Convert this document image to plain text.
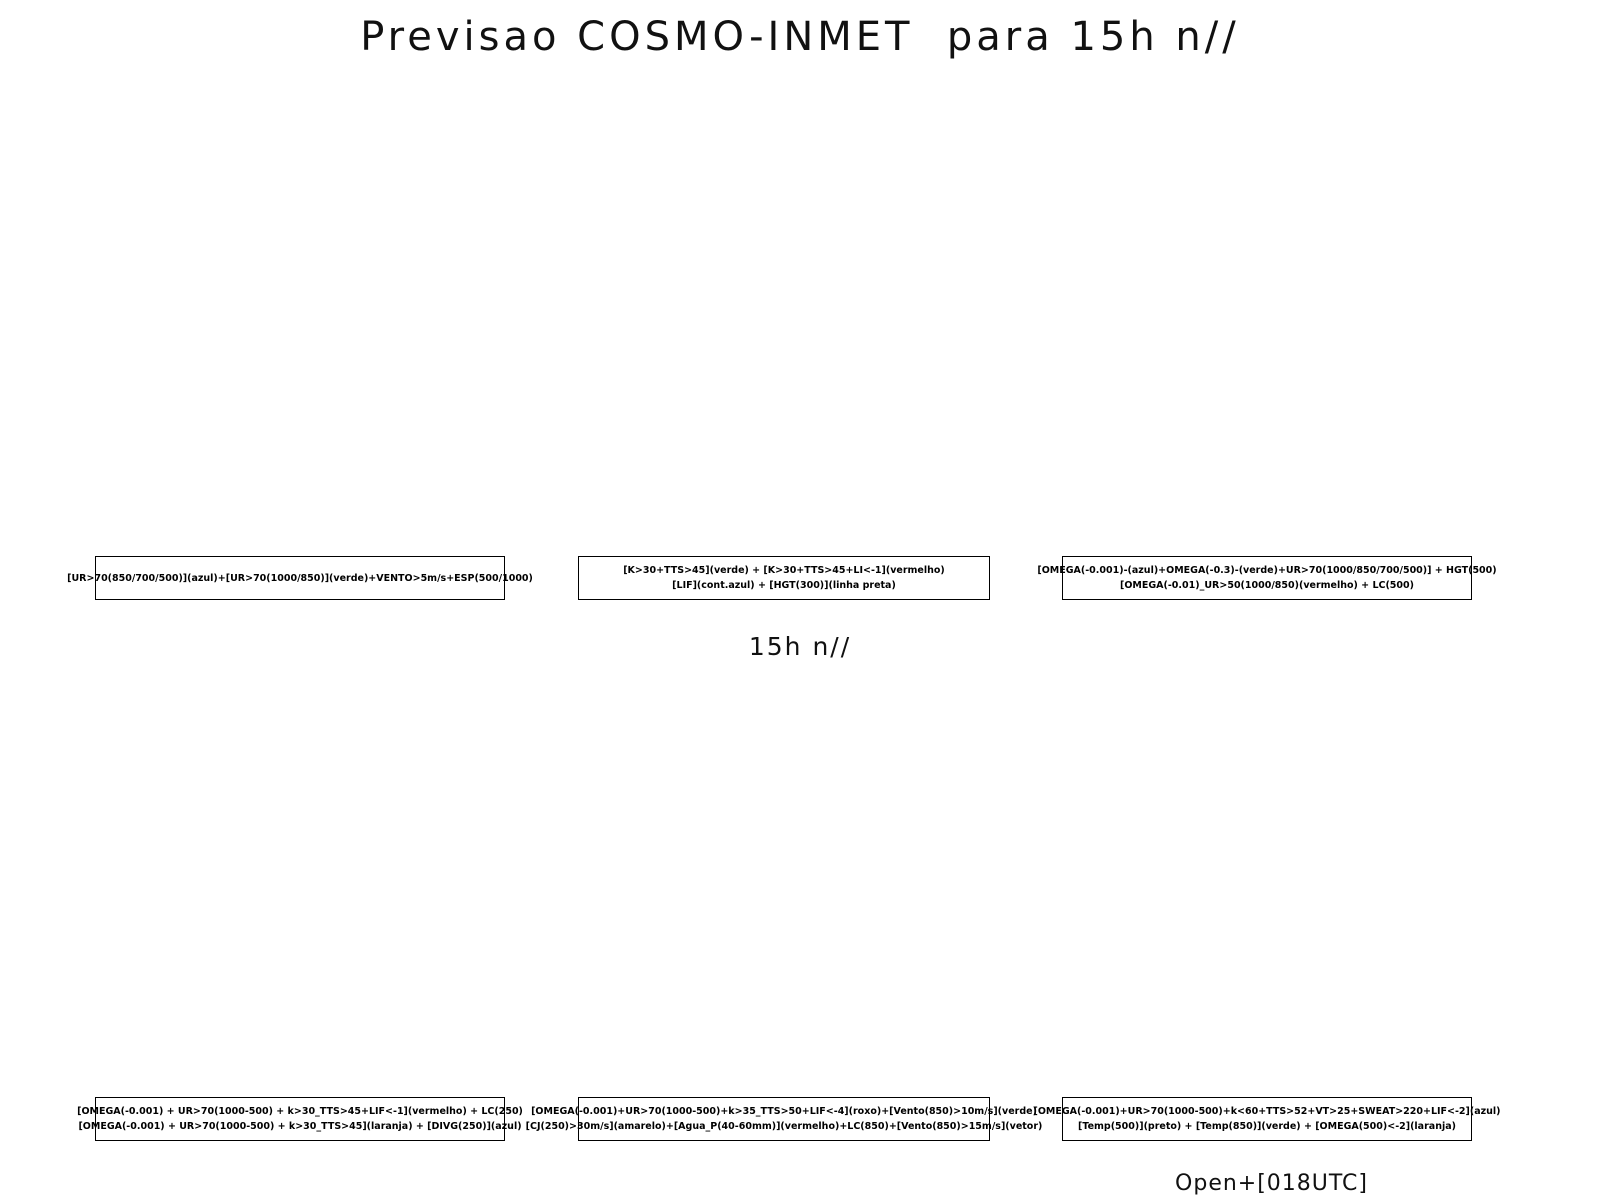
Previsao COSMO-INMET  para 15h n//
[UR>70(850/700/500)](azul)+[UR>70(1000/850)](verde)+VENTO>5m/s+ESP(500/1000)
[K>30+TTS>45](verde) + [K>30+TTS>45+LI<-1](vermelho)
[LIF](cont.azul) + [HGT(300)](linha preta)
[OMEGA(-0.001)-(azul)+OMEGA(-0.3)-(verde)+UR>70(1000/850/700/500)] + HGT(500)
[OMEGA(-0.01)_UR>50(1000/850)(vermelho) + LC(500)
15h n//
[OMEGA(-0.001) + UR>70(1000-500) + k>30_TTS>45+LIF<-1](vermelho) + LC(250)
[OMEGA(-0.001) + UR>70(1000-500) + k>30_TTS>45](laranja) + [DIVG(250)](azul)
[OMEGA(-0.001)+UR>70(1000-500)+k>35_TTS>50+LIF<-4](roxo)+[Vento(850)>10m/s](verde)
[CJ(250)>30m/s](amarelo)+[Agua_P(40-60mm)](vermelho)+LC(850)+[Vento(850)>15m/s](vetor)
[OMEGA(-0.001)+UR>70(1000-500)+k<60+TTS>52+VT>25+SWEAT>220+LIF<-2](azul)
[Temp(500)](preto) + [Temp(850)](verde) + [OMEGA(500)<-2](laranja)
Open+[018UTC]
